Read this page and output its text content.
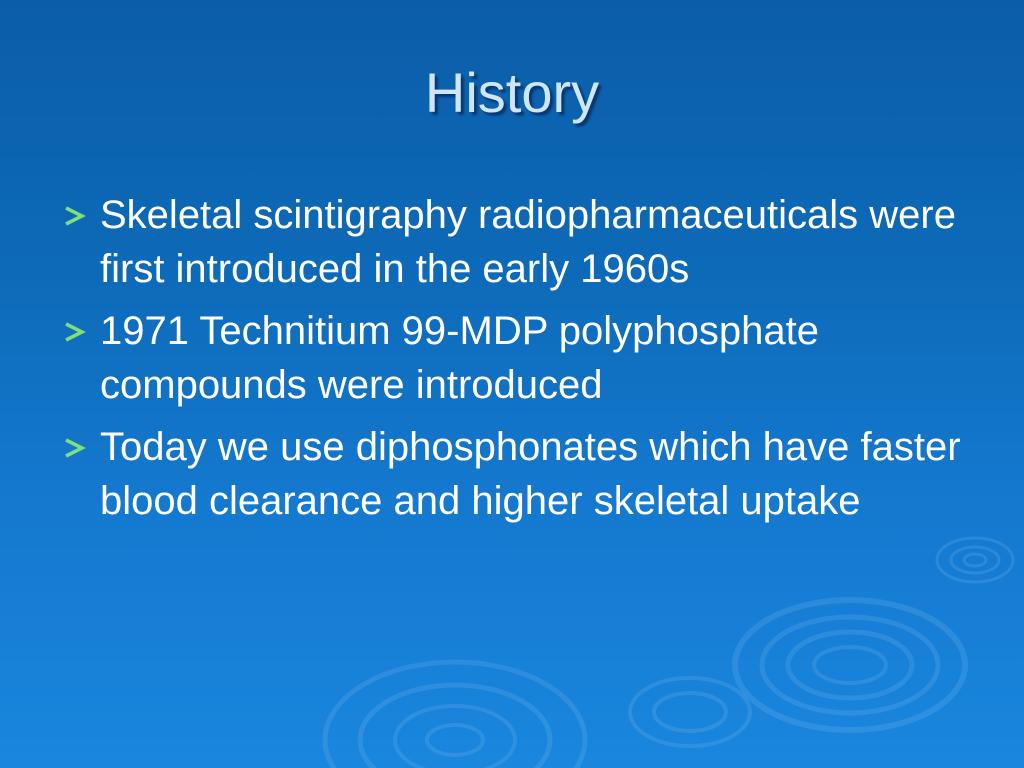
History
Skeletal scintigraphy radiopharmaceuticals were first introduced in the early 1960s
1971 Technitium 99-MDP polyphosphate compounds were introduced
Today we use diphosphonates which have faster blood clearance and higher skeletal uptake
